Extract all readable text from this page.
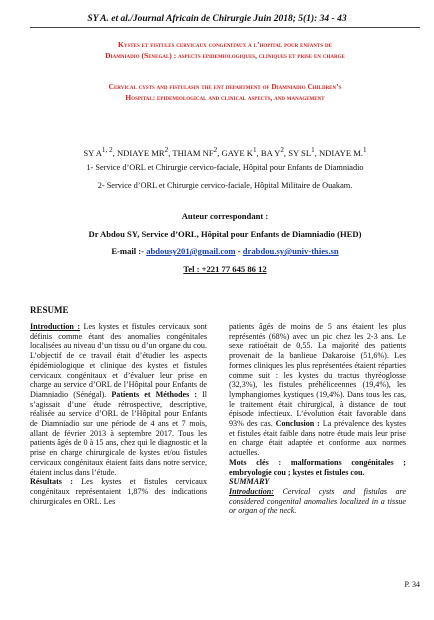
SY A. et al./Journal Africain de Chirurgie Juin 2018; 5(1): 34 - 43
Kystes et fistules cervicaux congenitaux a l’hopital pour enfants de
Diamniadio (Senegal) : aspects epidemiologiques, cliniques et prise en charge
Cervical cysts and fistulasin the ent department of Diamniadio Children’s
Hospital: epidemiological and clinical aspects, and management
SY A$^{1, 2}$, NDIAYE $MR^2$, THIAM $NF^2$, GAYE $K^1$, BA $Y^2$, SY $SL^1$, NDIAYE M.$^1$
1- Service d’ORL et Chirurgie cervico-faciale, Hôpital pour Enfants de Diamniadio
2- Service d’ORL et Chirurgie cervico-faciale, Hôpital Militaire de Ouakam.
Auteur correspondant :
Dr Abdou SY, Service d’ORL, Hôpital pour Enfants de Diamniadio (HED)
E-mail :- abdousy201@gmail.com - drabdou.sy@univ-thies.sn
Tel : +221 77 645 86 12
RESUME

Introduction : Les kystes et fistules cervicaux sont définis comme étant des anomalies congénitales localisées au niveau d’un tissu ou d’un organe du cou. L’objectif de ce travail était d’étudier les aspects épidémiologique et clinique des kystes et fistules cervicaux congénitaux et d’évaluer leur prise en charge au service d’ORL de l’Hôpital pour Enfants de Diamniadio (Sénégal). Patients et Méthodes : Il s’agissait d’une étude rétrospective, descriptive, réalisée au service d’ORL de l’Hôpital pour Enfants de Diamniadio sur une période de 4 ans et 7 mois, allant de février 2013 à septembre 2017. Tous les patients âgés de 0 à 15 ans, chez qui le diagnostic et la prise en charge chirurgicale de kystes et/ou fistules cervicaux congénitaux étaient faits dans notre service, étaient inclus dans l’étude.

Résultats : Les kystes et fistules cervicaux congénitaux représentaient 1,87% des indications chirurgicales en ORL. Les

patients âgés de moins de 5 ans étaient les plus représentés (68%) avec un pic chez les 2-3 ans. Le sexe ratioétait de 0,55. La majorité des patients provenait de la banlieue Dakaroise (51,6%). Les formes cliniques les plus représentées étaient réparties comme suit : les kystes du tractus thyréoglosse (32,3%), les fistules préhéliceennes (19,4%), les lymphangiomes kystiques (19,4%). Dans tous les cas, le traitement était chirurgical, à distance de tout épisode infectieux. L’évolution était favorable dans 93% des cas. Conclusion : La prévalence des kystes et fistules était faible dans notre étude mais leur prise en charge était adaptée et conforme aux normes actuelles.

Mots clés : malformations congénitales ; embryologie cou ; kystes et fistules cou.

SUMMARY

Introduction: Cervical cysts and fistulas are considered congenital anomalies localized in a tissue or organ of the neck.

P. 34
